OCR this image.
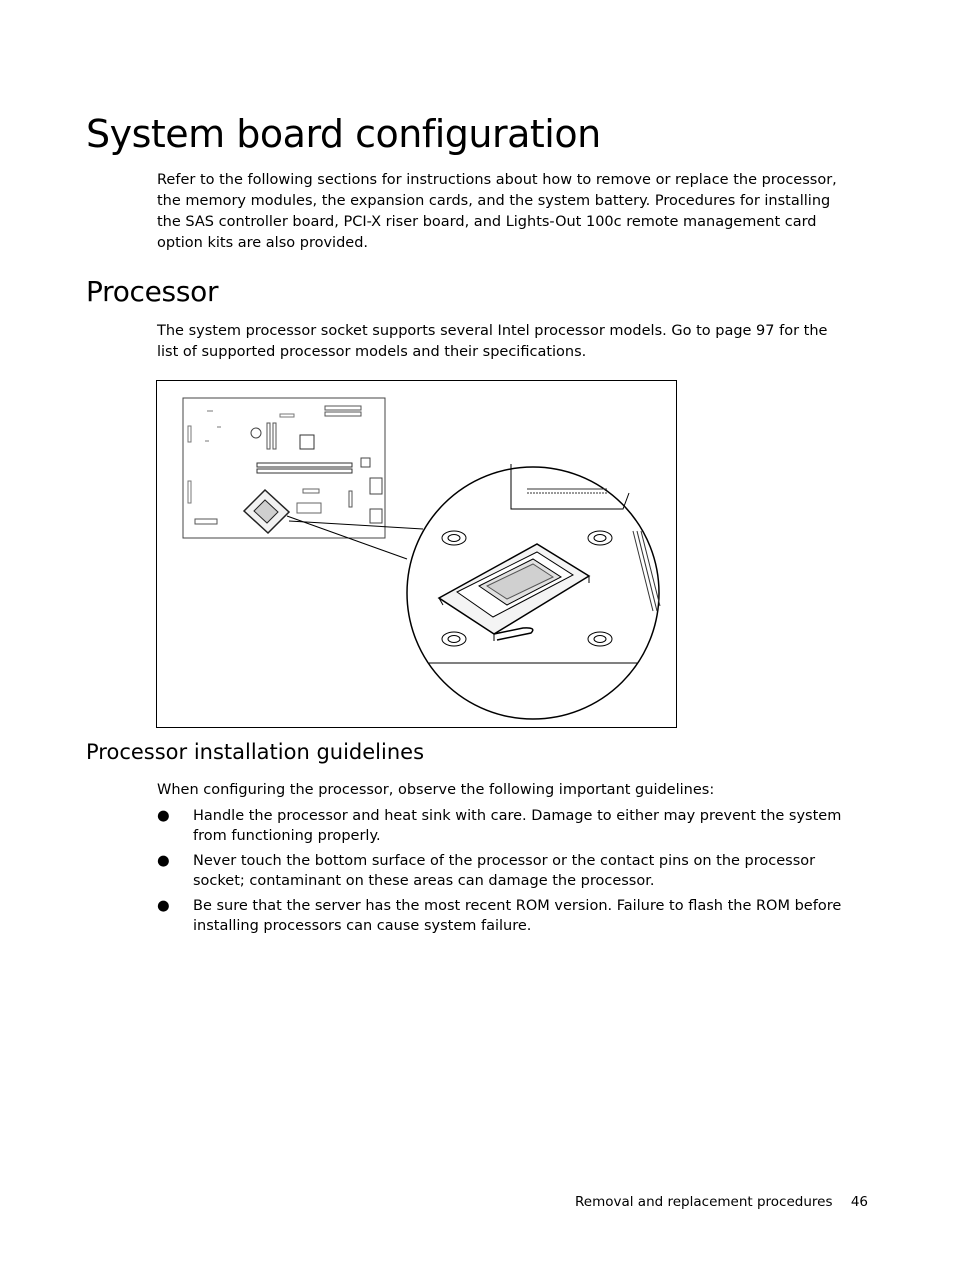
System board configuration

Refer to the following sections for instructions about how to remove or replace the processor, the memory modules, the expansion cards, and the system battery. Procedures for installing the SAS controller board, PCI-X riser board, and Lights-Out 100c remote management card option kits are also provided.

Processor

The system processor socket supports several Intel processor models. Go to page 97 for the list of supported processor models and their specifications.

Processor installation guidelines

When configuring the processor, observe the following important guidelines:

● Handle the processor and heat sink with care. Damage to either may prevent the system from functioning properly.
● Never touch the bottom surface of the processor or the contact pins on the processor socket; contaminant on these areas can damage the processor.
● Be sure that the server has the most recent ROM version. Failure to flash the ROM before installing processors can cause system failure.
Removal and replacement procedures 46
